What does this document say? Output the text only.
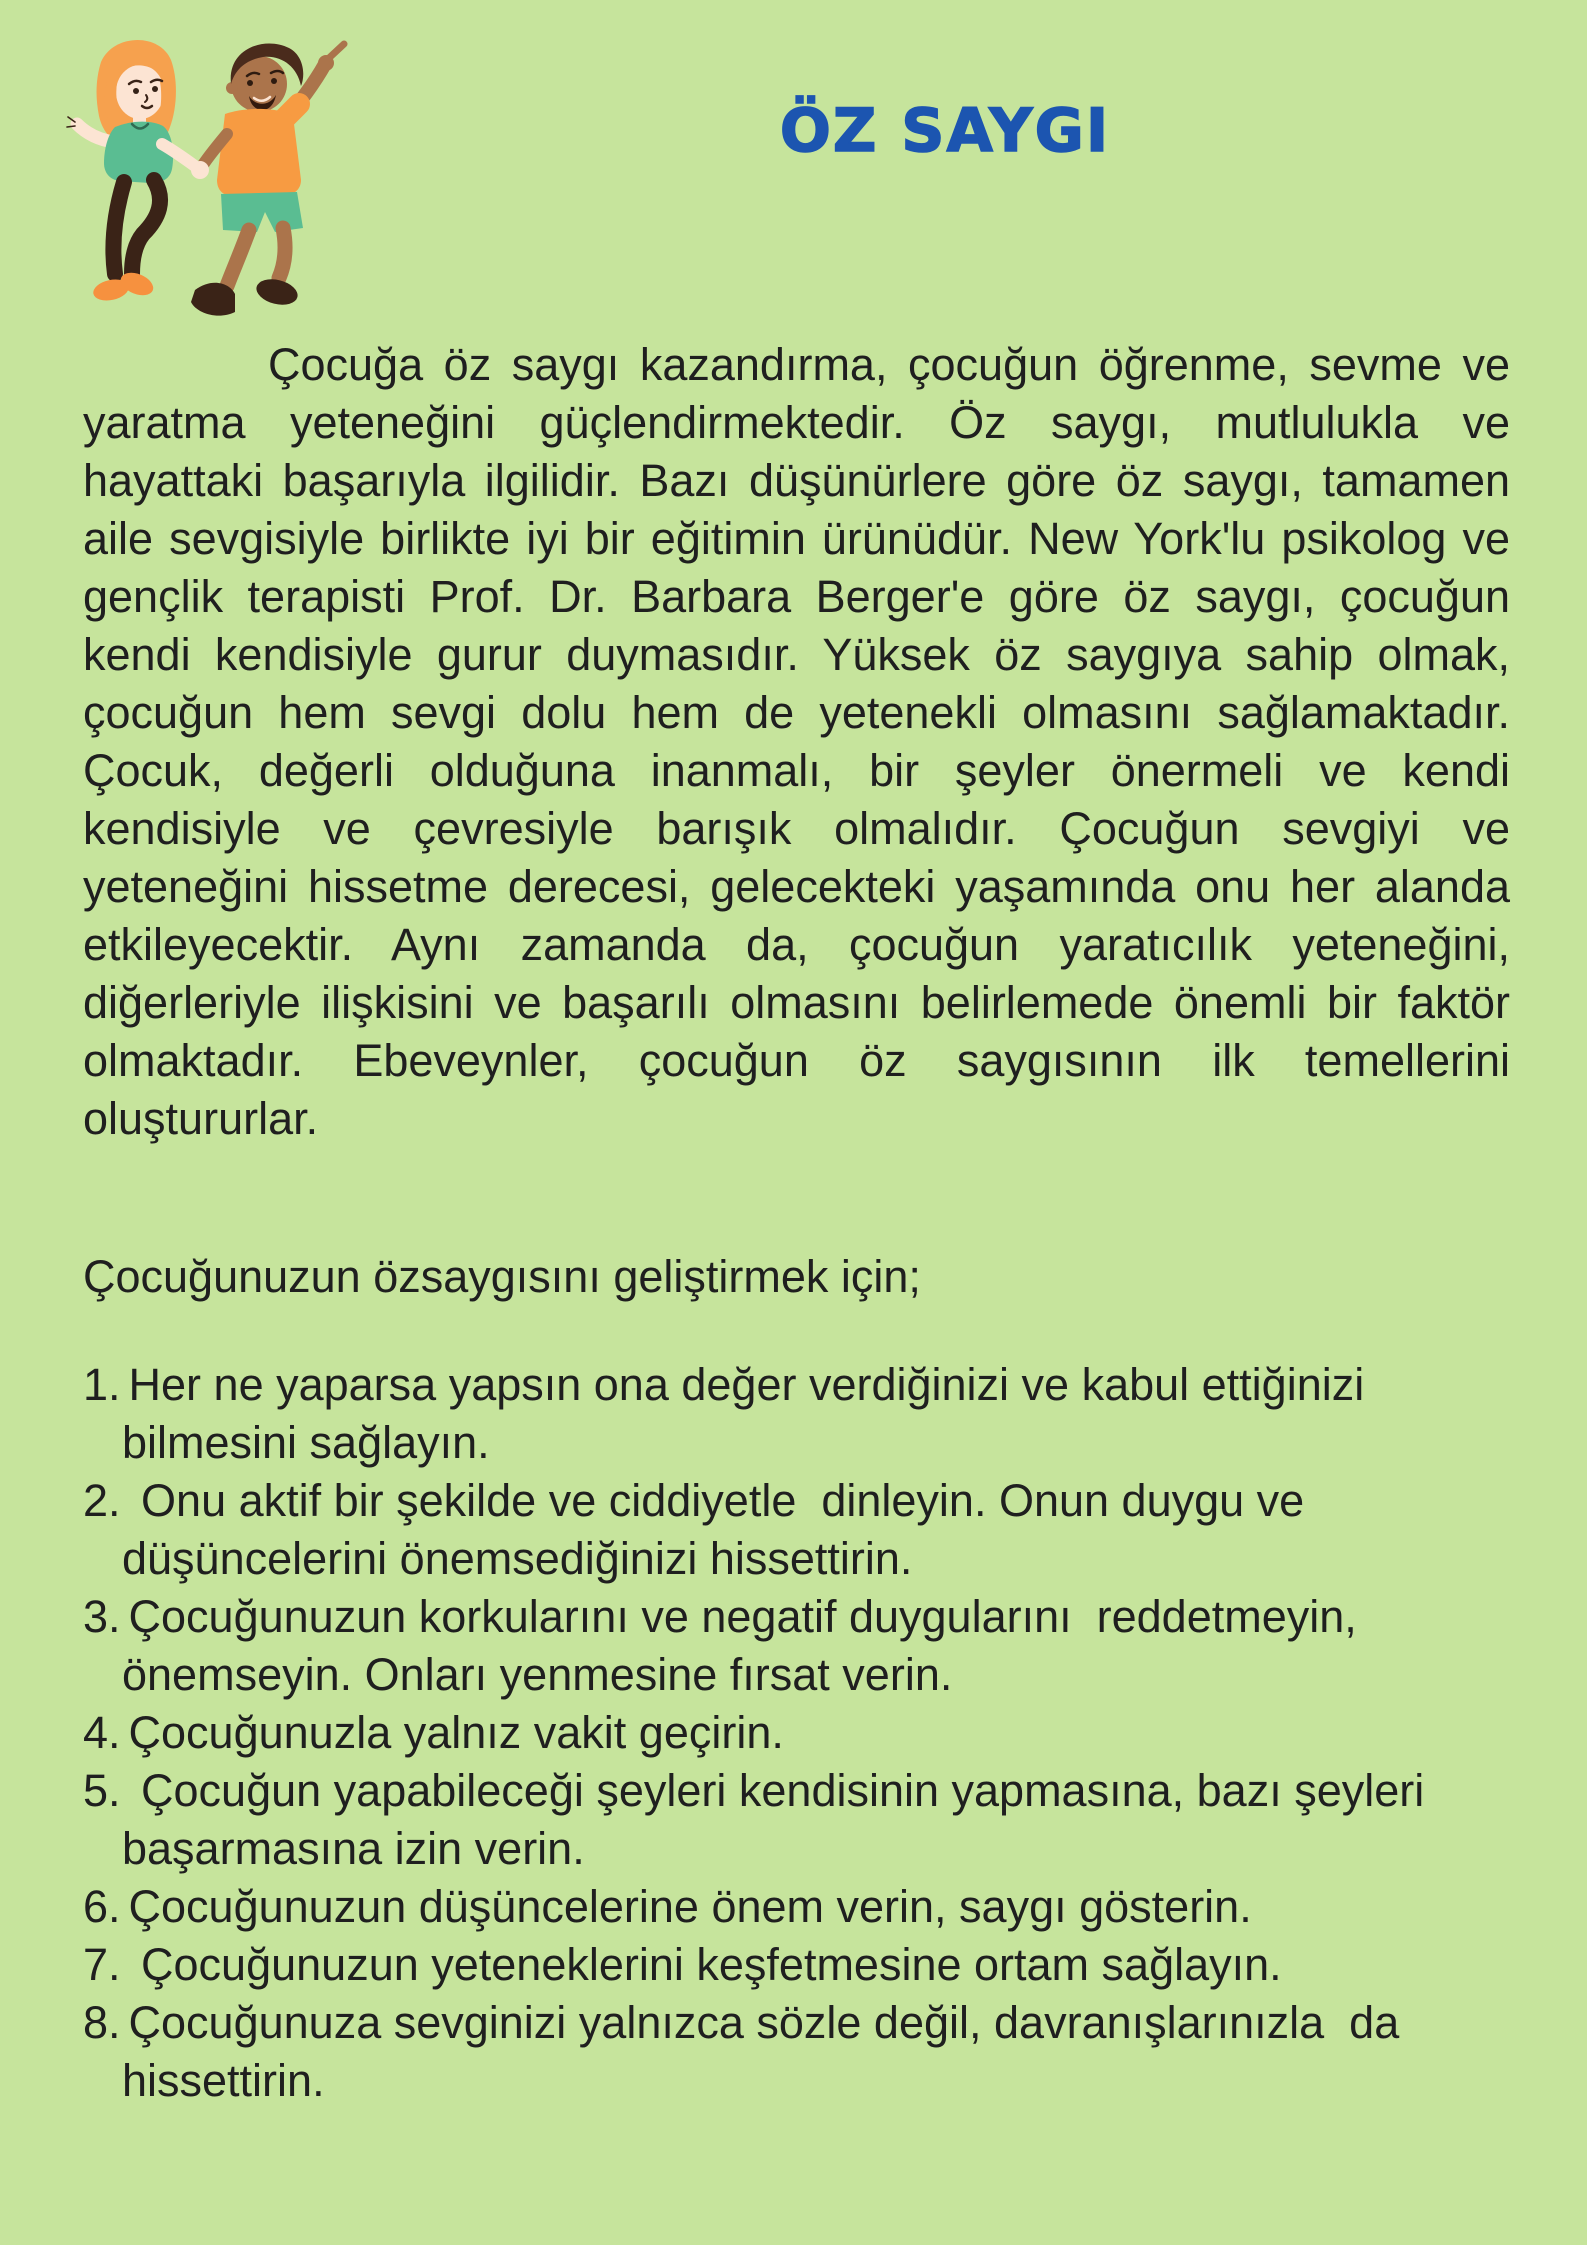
ÖZ SAYGI

Çocuğa öz saygı kazandırma, çocuğun öğrenme, sevme ve yaratma yeteneğini güçlendirmektedir. Öz saygı, mutlulukla ve hayattaki başarıyla ilgilidir. Bazı düşünürlere göre öz saygı, tamamen aile sevgisiyle birlikte iyi bir eğitimin ürünüdür. New York'lu psikolog ve gençlik terapisti Prof. Dr. Barbara Berger'e göre öz saygı, çocuğun kendi kendisiyle gurur duymasıdır. Yüksek öz saygıya sahip olmak, çocuğun hem sevgi dolu hem de yetenekli olmasını sağlamaktadır. Çocuk, değerli olduğuna inanmalı, bir şeyler önermeli ve kendi kendisiyle ve çevresiyle barışık olmalıdır. Çocuğun sevgiyi ve yeteneğini hissetme derecesi, gelecekteki yaşamında onu her alanda etkileyecektir. Aynı zamanda da, çocuğun yaratıcılık yeteneğini, diğerleriyle ilişkisini ve başarılı olmasını belirlemede önemli bir faktör olmaktadır. Ebeveynler, çocuğun öz saygısının ilk temellerini oluştururlar.

Çocuğunuzun özsaygısını geliştirmek için;

1. Her ne yaparsa yapsın ona değer verdiğinizi ve kabul ettiğinizi bilmesini sağlayın.
2. Onu aktif bir şekilde ve ciddiyetle  dinleyin. Onun duygu ve düşüncelerini önemsediğinizi hissettirin.
3. Çocuğunuzun korkularını ve negatif duygularını  reddetmeyin, önemseyin. Onları yenmesine fırsat verin.
4. Çocuğunuzla yalnız vakit geçirin.
5. Çocuğun yapabileceği şeyleri kendisinin yapmasına, bazı şeyleri başarmasına izin verin.
6. Çocuğunuzun düşüncelerine önem verin, saygı gösterin.
7. Çocuğunuzun yeteneklerini keşfetmesine ortam sağlayın.
8. Çocuğunuza sevginizi yalnızca sözle değil, davranışlarınızla  da hissettirin.
